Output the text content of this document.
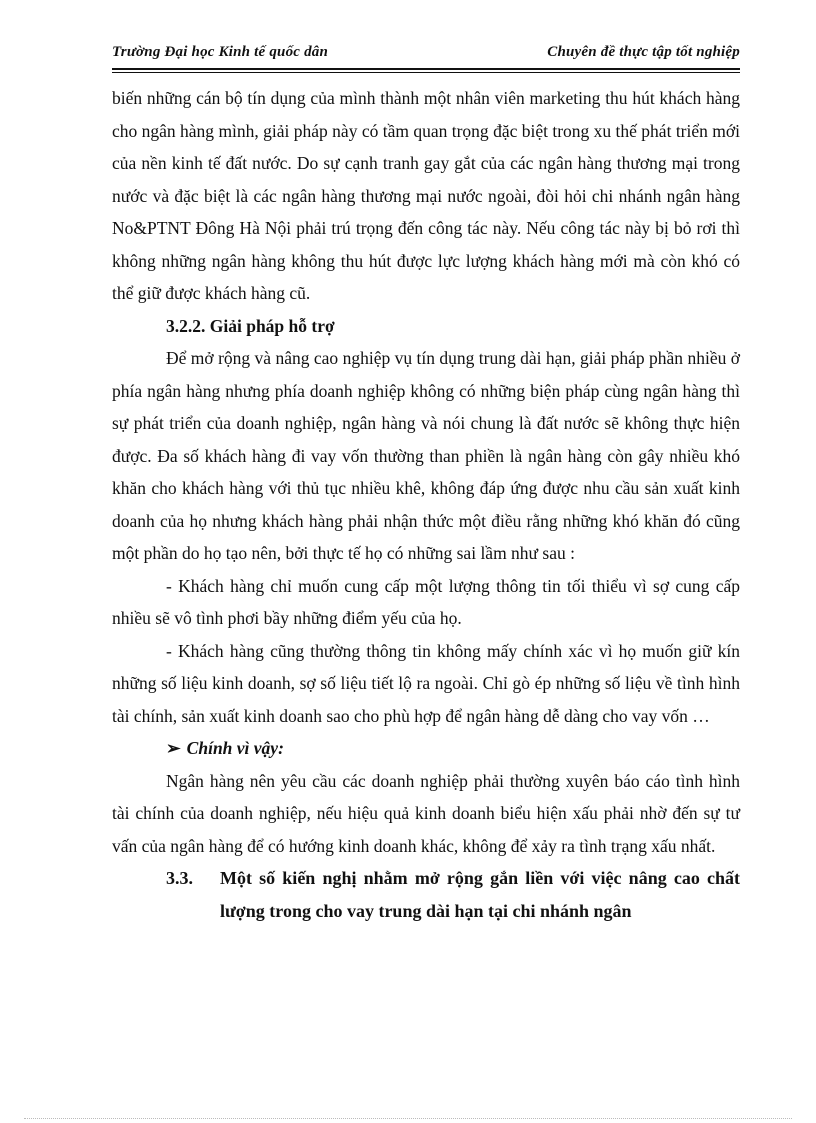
Trường Đại học Kinh tế quốc dân	Chuyên đề thực tập tốt nghiệp

biến những cán bộ tín dụng của mình thành một nhân viên marketing thu hút khách hàng cho ngân hàng mình, giải pháp này có tầm quan trọng đặc biệt trong xu thế phát triển mới của nền kinh tế đất nước. Do sự cạnh tranh gay gắt của các ngân hàng thương mại trong nước và đặc biệt là các ngân hàng thương mại nước ngoài, đòi hỏi chi nhánh ngân hàng No&PTNT Đông Hà Nội phải trú trọng đến công tác này. Nếu công tác này bị bỏ rơi thì không những ngân hàng không thu hút được lực lượng khách hàng mới mà còn khó có thể giữ được khách hàng cũ.

3.2.2. Giải pháp hỗ trợ

Để mở rộng và nâng cao nghiệp vụ tín dụng trung dài hạn, giải pháp phần nhiều ở phía ngân hàng nhưng phía doanh nghiệp không có những biện pháp cùng ngân hàng thì sự phát triển của doanh nghiệp, ngân hàng và nói chung là đất nước sẽ không thực hiện được. Đa số khách hàng đi vay vốn thường than phiền là ngân hàng còn gây nhiều khó khăn cho khách hàng với thủ tục nhiều khê, không đáp ứng được nhu cầu sản xuất kinh doanh của họ nhưng khách hàng phải nhận thức một điều rằng những khó khăn đó cũng một phần do họ tạo nên, bởi thực tế họ có những sai lầm như sau :

- Khách hàng chỉ muốn cung cấp một lượng thông tin tối thiểu vì sợ cung cấp nhiều sẽ vô tình phơi bầy những điểm yếu của họ.

- Khách hàng cũng thường thông tin không mấy chính xác vì họ muốn giữ kín những số liệu kinh doanh, sợ số liệu tiết lộ ra ngoài. Chỉ gò ép những số liệu về tình hình tài chính, sản xuất kinh doanh sao cho phù hợp để ngân hàng dễ dàng cho vay vốn …

➢ Chính vì vậy:

Ngân hàng nên yêu cầu các doanh nghiệp phải thường xuyên báo cáo tình hình tài chính của doanh nghiệp, nếu hiệu quả kinh doanh biểu hiện xấu phải nhờ đến sự tư vấn của ngân hàng để có hướng kinh doanh khác, không để xảy ra tình trạng xấu nhất.

3.3. Một số kiến nghị nhằm mở rộng gắn liền với việc nâng cao chất lượng trong cho vay trung dài hạn tại chi nhánh ngân
